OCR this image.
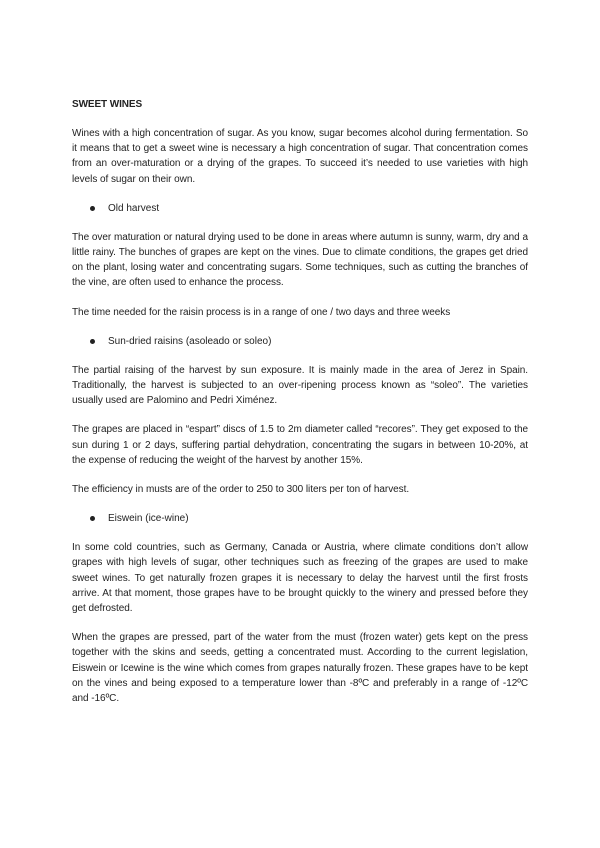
SWEET WINES

Wines with a high concentration of sugar. As you know, sugar becomes alcohol during fermentation. So it means that to get a sweet wine is necessary a high concentration of sugar. That concentration comes from an over-maturation or a drying of the grapes. To succeed it’s needed to use varieties with high levels of sugar on their own.

Old harvest

The over maturation or natural drying used to be done in areas where autumn is sunny, warm, dry and a little rainy. The bunches of grapes are kept on the vines. Due to climate conditions, the grapes get dried on the plant, losing water and concentrating sugars. Some techniques, such as cutting the branches of the vine, are often used to enhance the process.

The time needed for the raisin process is in a range of one / two days and three weeks

Sun-dried raisins (asoleado or soleo)

The partial raising of the harvest by sun exposure. It is mainly made in the area of Jerez in Spain. Traditionally, the harvest is subjected to an over-ripening process known as “soleo”. The varieties usually used are Palomino and Pedri Ximénez.

The grapes are placed in “espart” discs of 1.5 to 2m diameter called “recores”. They get exposed to the sun during 1 or 2 days, suffering partial dehydration, concentrating the sugars in between 10-20%, at the expense of reducing the weight of the harvest by another 15%.

The efficiency in musts are of the order to 250 to 300 liters per ton of harvest.

Eiswein (ice-wine)

In some cold countries, such as Germany, Canada or Austria, where climate conditions don’t allow grapes with high levels of sugar, other techniques such as freezing of the grapes are used to make sweet wines. To get naturally frozen grapes it is necessary to delay the harvest until the first frosts arrive. At that moment, those grapes have to be brought quickly to the winery and pressed before they get defrosted.

When the grapes are pressed, part of the water from the must (frozen water) gets kept on the press together with the skins and seeds, getting a concentrated must. According to the current legislation, Eiswein or Icewine is the wine which comes from grapes naturally frozen. These grapes have to be kept on the vines and being exposed to a temperature lower than -8ºC and preferably in a range of -12ºC and -16ºC.
